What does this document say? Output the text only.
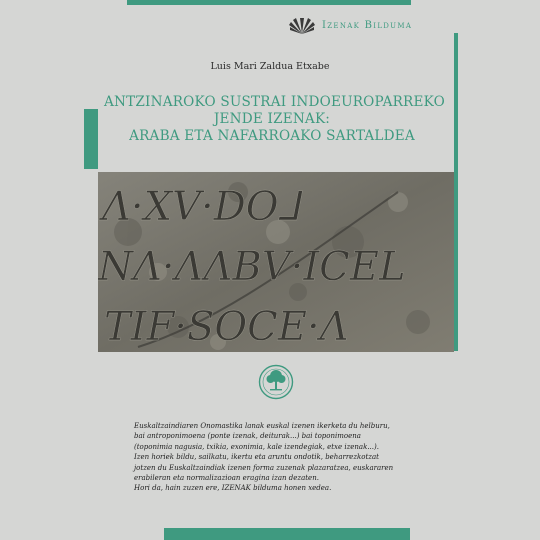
Izenak Bilduma
Luis Mari Zaldua Etxabe
ANTZINAROKO SUSTRAI INDOEUROPARREKO
JENDE IZENAK:
ARABA ETA NAFARROAKO SARTALDEA
Λ·XV·DO⅃
NΛ·ΛΛBV·ICEL
TIF·SOCE·Λ
Euskaltzaindiaren Onomastika lanak euskal izenen ikerketa du helburu,
bai antroponimoena (ponte izenak, deiturak...) bai toponimoena
(toponimia nagusia, txikia, exonimia, kale izendegiak, etxe izenak...).
Izen horiek bildu, sailkatu, ikertu eta aruntu ondotik, beharrezkotzat
jotzen du Euskaltzaindiak izenen forma zuzenak plazaratzea, euskararen
erabileran eta normalizazioan eragina izan dezaten.
Hori da, hain zuzen ere, IZENAK bilduma honen xedea.
